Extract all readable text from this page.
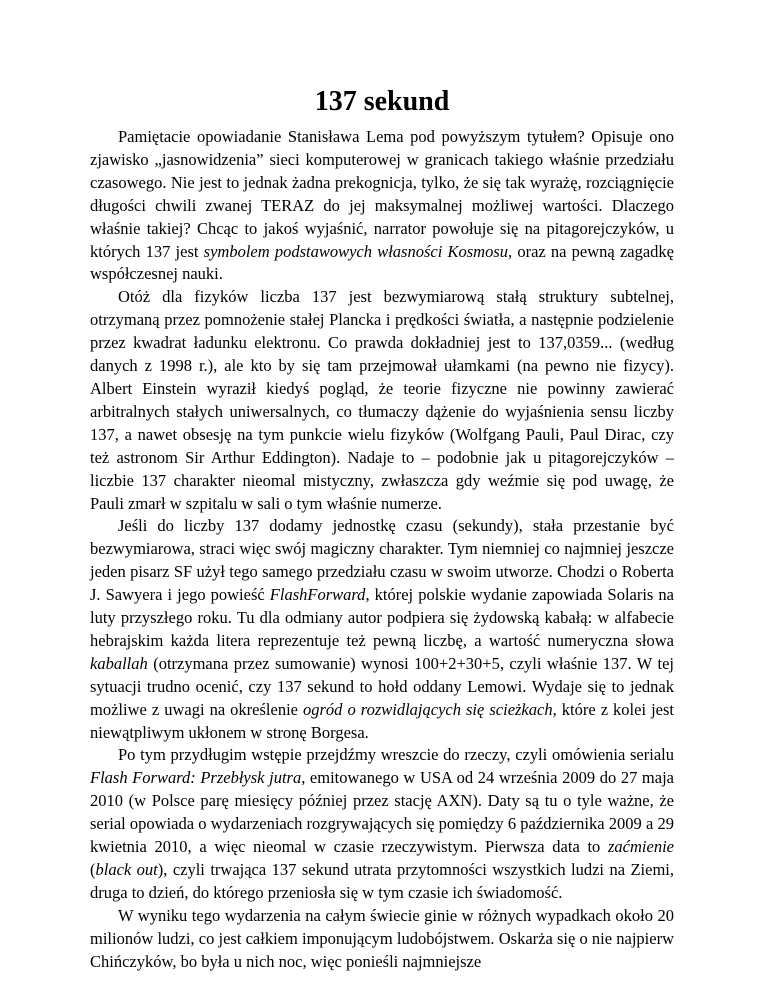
137 sekund

Pamiętacie opowiadanie Stanisława Lema pod powyższym tytułem? Opisuje ono zjawisko „jasnowidzenia” sieci komputerowej w granicach takiego właśnie przedziału czasowego. Nie jest to jednak żadna prekognicja, tylko, że się tak wyrażę, rozciągnięcie długości chwili zwanej TERAZ do jej maksymalnej możliwej wartości. Dlaczego właśnie takiej? Chcąc to jakoś wyjaśnić, narrator powołuje się na pitagorejczyków, u których 137 jest symbolem podstawowych własności Kosmosu, oraz na pewną zagadkę współczesnej nauki.

Otóż dla fizyków liczba 137 jest bezwymiarową stałą struktury subtelnej, otrzymaną przez pomnożenie stałej Plancka i prędkości światła, a następnie podzielenie przez kwadrat ładunku elektronu. Co prawda dokładniej jest to 137,0359... (według danych z 1998 r.), ale kto by się tam przejmował ułamkami (na pewno nie fizycy). Albert Einstein wyraził kiedyś pogląd, że teorie fizyczne nie powinny zawierać arbitralnych stałych uniwersalnych, co tłumaczy dążenie do wyjaśnienia sensu liczby 137, a nawet obsesję na tym punkcie wielu fizyków (Wolfgang Pauli, Paul Dirac, czy też astronom Sir Arthur Eddington). Nadaje to – podobnie jak u pitagorejczyków – liczbie 137 charakter nieomal mistyczny, zwłaszcza gdy weźmie się pod uwagę, że Pauli zmarł w szpitalu w sali o tym właśnie numerze.

Jeśli do liczby 137 dodamy jednostkę czasu (sekundy), stała przestanie być bezwymiarowa, straci więc swój magiczny charakter. Tym niemniej co najmniej jeszcze jeden pisarz SF użył tego samego przedziału czasu w swoim utworze. Chodzi o Roberta J. Sawyera i jego powieść FlashForward, której polskie wydanie zapowiada Solaris na luty przyszłego roku. Tu dla odmiany autor podpiera się żydowską kabałą: w alfabecie hebrajskim każda litera reprezentuje też pewną liczbę, a wartość numeryczna słowa kaballah (otrzymana przez sumowanie) wynosi 100+2+30+5, czyli właśnie 137. W tej sytuacji trudno ocenić, czy 137 sekund to hołd oddany Lemowi. Wydaje się to jednak możliwe z uwagi na określenie ogród o rozwidlających się scieżkach, które z kolei jest niewątpliwym ukłonem w stronę Borgesa.

Po tym przydługim wstępie przejdźmy wreszcie do rzeczy, czyli omówienia serialu Flash Forward: Przebłysk jutra, emitowanego w USA od 24 września 2009 do 27 maja 2010 (w Polsce parę miesięcy później przez stację AXN). Daty są tu o tyle ważne, że serial opowiada o wydarzeniach rozgrywających się pomiędzy 6 października 2009 a 29 kwietnia 2010, a więc nieomal w czasie rzeczywistym. Pierwsza data to zaćmienie (black out), czyli trwająca 137 sekund utrata przytomności wszystkich ludzi na Ziemi, druga to dzień, do którego przeniosła się w tym czasie ich świadomość.

W wyniku tego wydarzenia na całym świecie ginie w różnych wypadkach około 20 milionów ludzi, co jest całkiem imponującym ludobójstwem. Oskarża się o nie najpierw Chińczyków, bo była u nich noc, więc ponieśli najmniejsze
